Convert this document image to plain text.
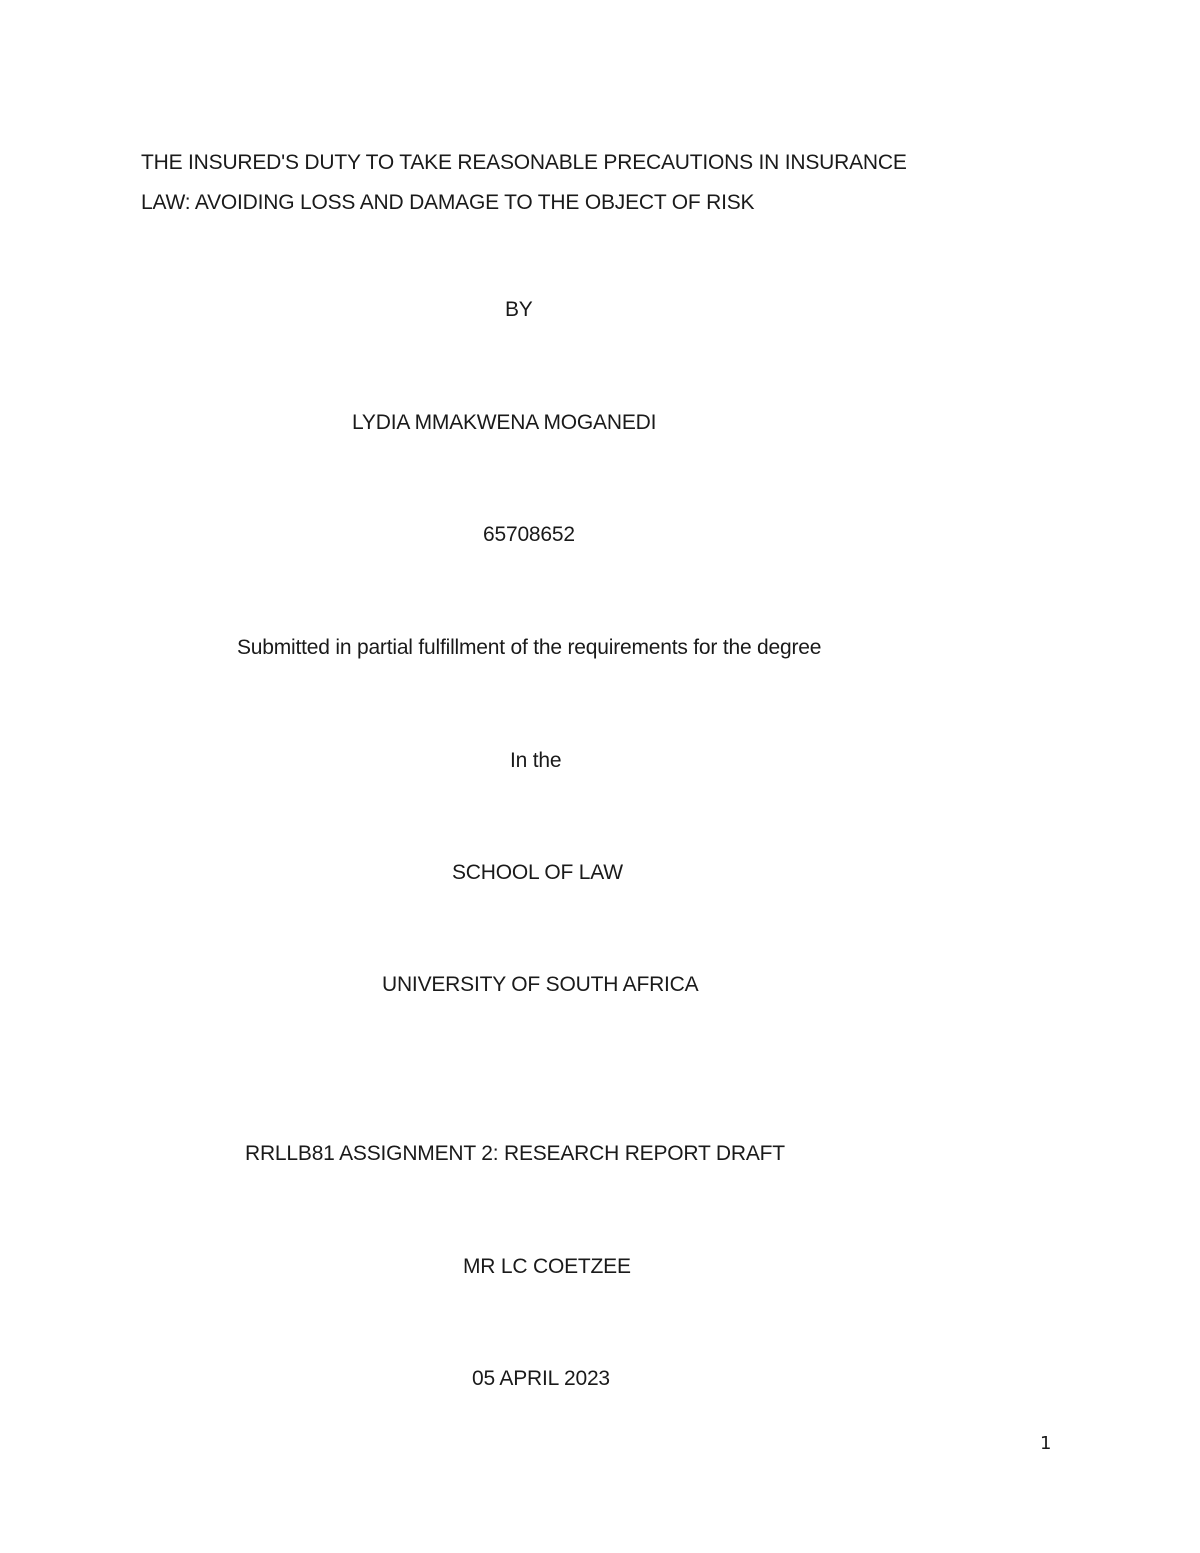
THE INSURED'S DUTY TO TAKE REASONABLE PRECAUTIONS IN INSURANCE
LAW: AVOIDING LOSS AND DAMAGE TO THE OBJECT OF RISK
BY
LYDIA MMAKWENA MOGANEDI
65708652
Submitted in partial fulfillment of the requirements for the degree
In the
SCHOOL OF LAW
UNIVERSITY OF SOUTH AFRICA
RRLLB81 ASSIGNMENT 2: RESEARCH REPORT DRAFT
MR LC COETZEE
05 APRIL 2023
1
